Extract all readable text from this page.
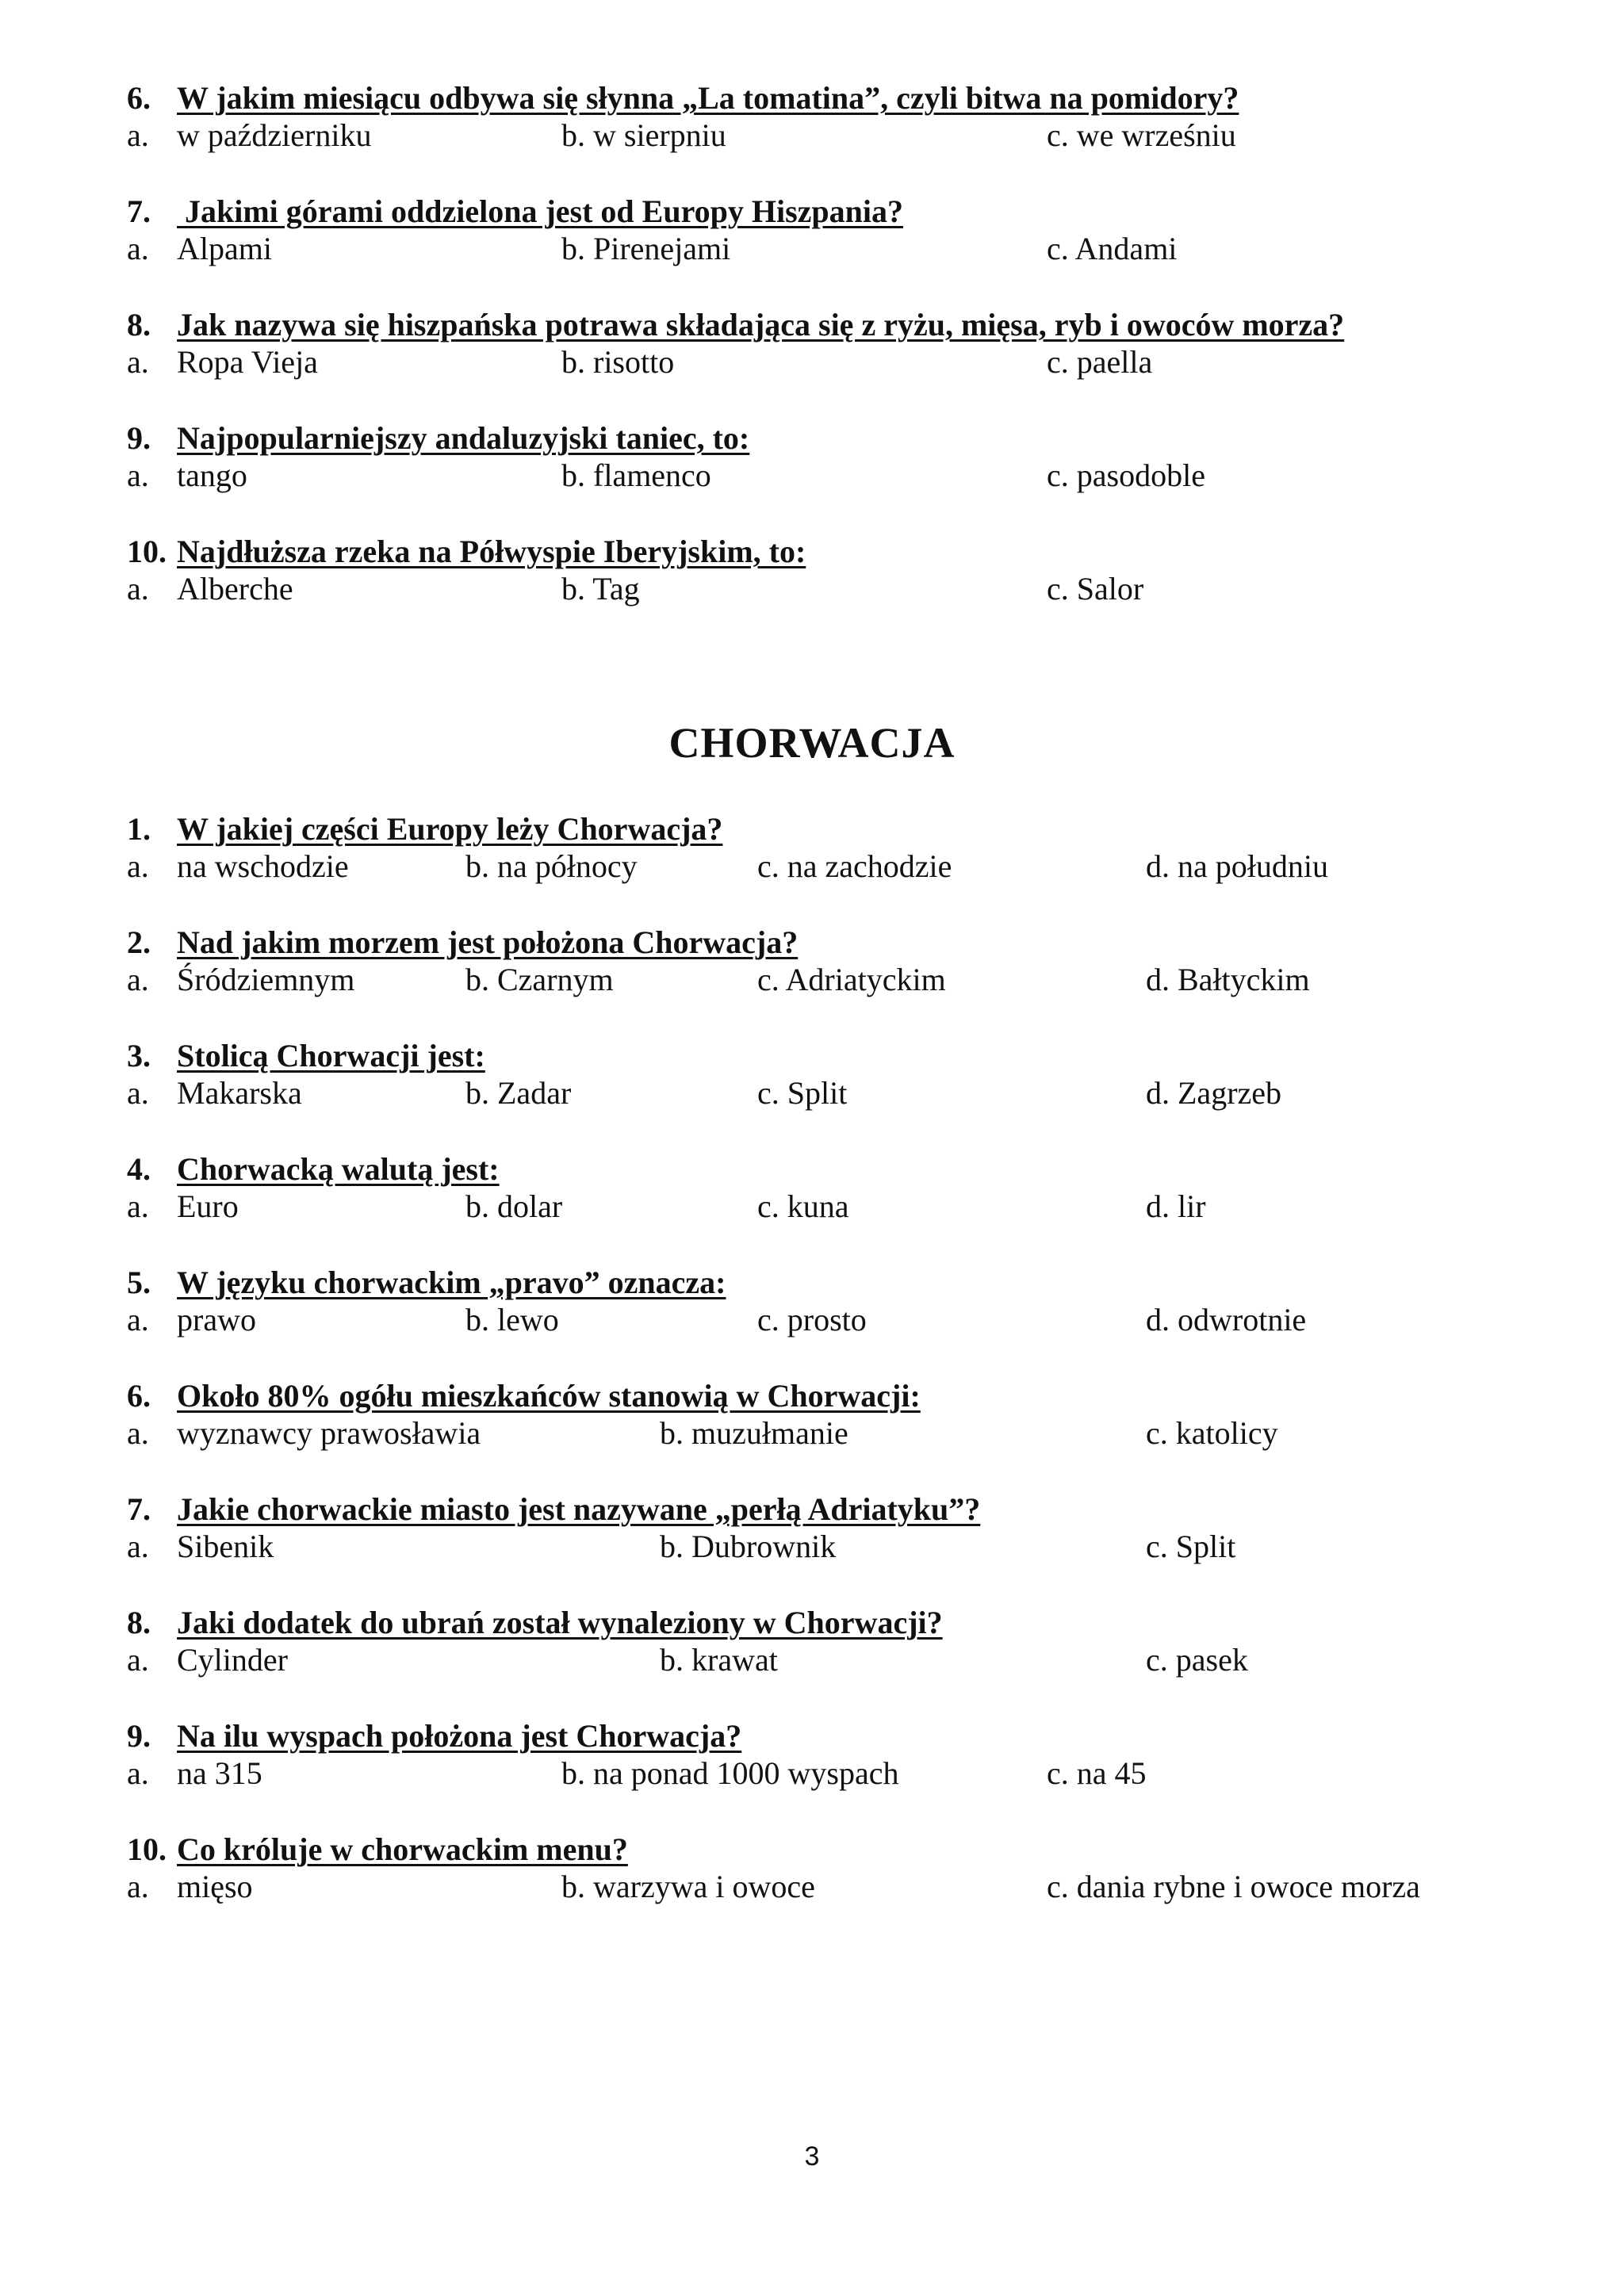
6. W jakim miesiącu odbywa się słynna „La tomatina”, czyli bitwa na pomidory?
a. w październiku	b. w sierpniu	c. we wrześniu
7. Jakimi górami oddzielona jest od Europy Hiszpania?
a. Alpami	b. Pirenejami	c. Andami
8. Jak nazywa się hiszpańska potrawa składająca się z ryżu, mięsa, ryb i owoców morza?
a. Ropa Vieja	b. risotto	c. paella
9. Najpopularniejszy andaluzyjski taniec, to:
a. tango	b. flamenco	c. pasodoble
10. Najdłuższa rzeka na Półwyspie Iberyjskim, to:
a. Alberche	b. Tag	c. Salor
CHORWACJA
1. W jakiej części Europy leży Chorwacja?
a. na wschodzie	b. na północy	c. na zachodzie	d. na południu
2. Nad jakim morzem jest położona Chorwacja?
a. Śródziemnym	b. Czarnym	c. Adriatyckim	d. Bałtyckim
3. Stolicą Chorwacji jest:
a. Makarska	b. Zadar	c. Split	d. Zagrzeb
4. Chorwacką walutą jest:
a. Euro	b. dolar	c. kuna	d. lir
5. W języku chorwackim „pravo” oznacza:
a. prawo	b. lewo	c. prosto	d. odwrotnie
6. Około 80% ogółu mieszkańców stanowią w Chorwacji:
a. wyznawcy prawosławia	b. muzułmanie	c. katolicy
7. Jakie chorwackie miasto jest nazywane „perłą Adriatyku”?
a. Sibenik	b. Dubrownik	c. Split
8. Jaki dodatek do ubrań został wynaleziony w Chorwacji?
a. Cylinder	b. krawat	c. pasek
9. Na ilu wyspach położona jest Chorwacja?
a. na 315	b. na ponad 1000 wyspach	c. na 45
10. Co króluje w chorwackim menu?
a. mięso	b. warzywa i owoce	c. dania rybne i owoce morza
3
